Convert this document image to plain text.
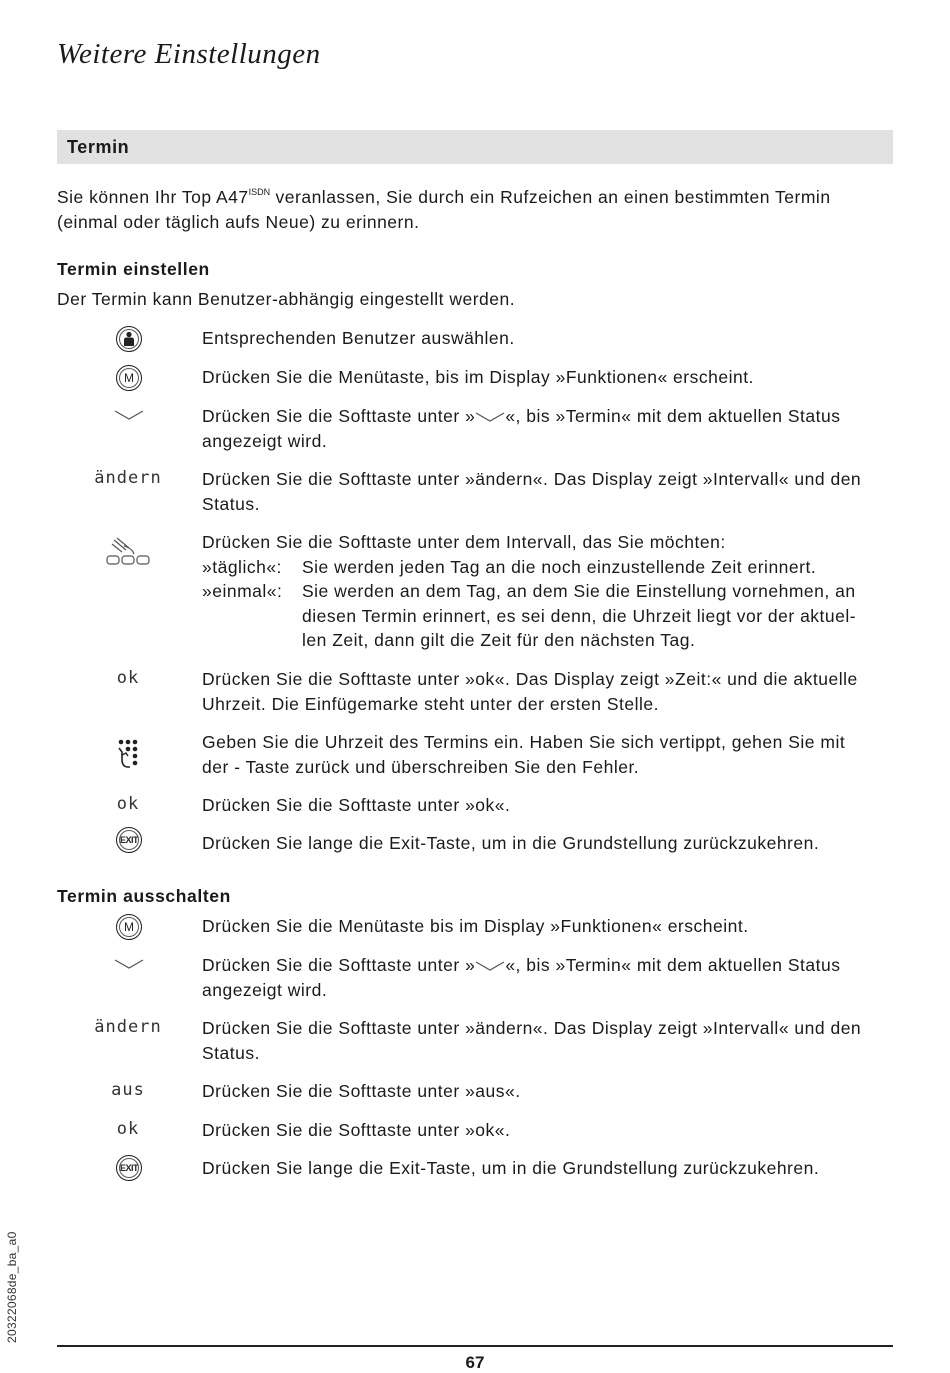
Weitere Einstellungen
Termin
Sie können Ihr Top $A47^{ISDN}$ veranlassen, Sie durch ein Rufzeichen an einen bestimmten Termin
(einmal oder täglich aufs Neue) zu erinnern.
Termin einstellen
Der Termin kann Benutzer-abhängig eingestellt werden.
Entsprechenden Benutzer auswählen.
M	Drücken Sie die Menütaste, bis im Display »Funktionen« erscheint.
Drücken Sie die Softtaste unter » «, bis »Termin« mit dem aktuellen Status
angezeigt wird.
ändern	Drücken Sie die Softtaste unter »ändern«. Das Display zeigt »Intervall« und den
Status.
Drücken Sie die Softtaste unter dem Intervall, das Sie möchten:
»täglich«: Sie werden jeden Tag an die noch einzustellende Zeit erinnert.
»einmal«: Sie werden an dem Tag, an dem Sie die Einstellung vornehmen, an
diesen Termin erinnert, es sei denn, die Uhrzeit liegt vor der aktuel-
len Zeit, dann gilt die Zeit für den nächsten Tag.
ok	Drücken Sie die Softtaste unter »ok«. Das Display zeigt »Zeit:« und die aktuelle
Uhrzeit. Die Einfügemarke steht unter der ersten Stelle.
Geben Sie die Uhrzeit des Termins ein. Haben Sie sich vertippt, gehen Sie mit
der - Taste zurück und überschreiben Sie den Fehler.
ok	Drücken Sie die Softtaste unter »ok«.
EXIT	Drücken Sie lange die Exit-Taste, um in die Grundstellung zurückzukehren.
Termin ausschalten
M	Drücken Sie die Menütaste bis im Display »Funktionen« erscheint.
Drücken Sie die Softtaste unter » «, bis »Termin« mit dem aktuellen Status
angezeigt wird.
ändern	Drücken Sie die Softtaste unter »ändern«. Das Display zeigt »Intervall« und den
Status.
aus	Drücken Sie die Softtaste unter »aus«.
ok	Drücken Sie die Softtaste unter »ok«.
EXIT	Drücken Sie lange die Exit-Taste, um in die Grundstellung zurückzukehren.
20322068de_ba_a0
67
